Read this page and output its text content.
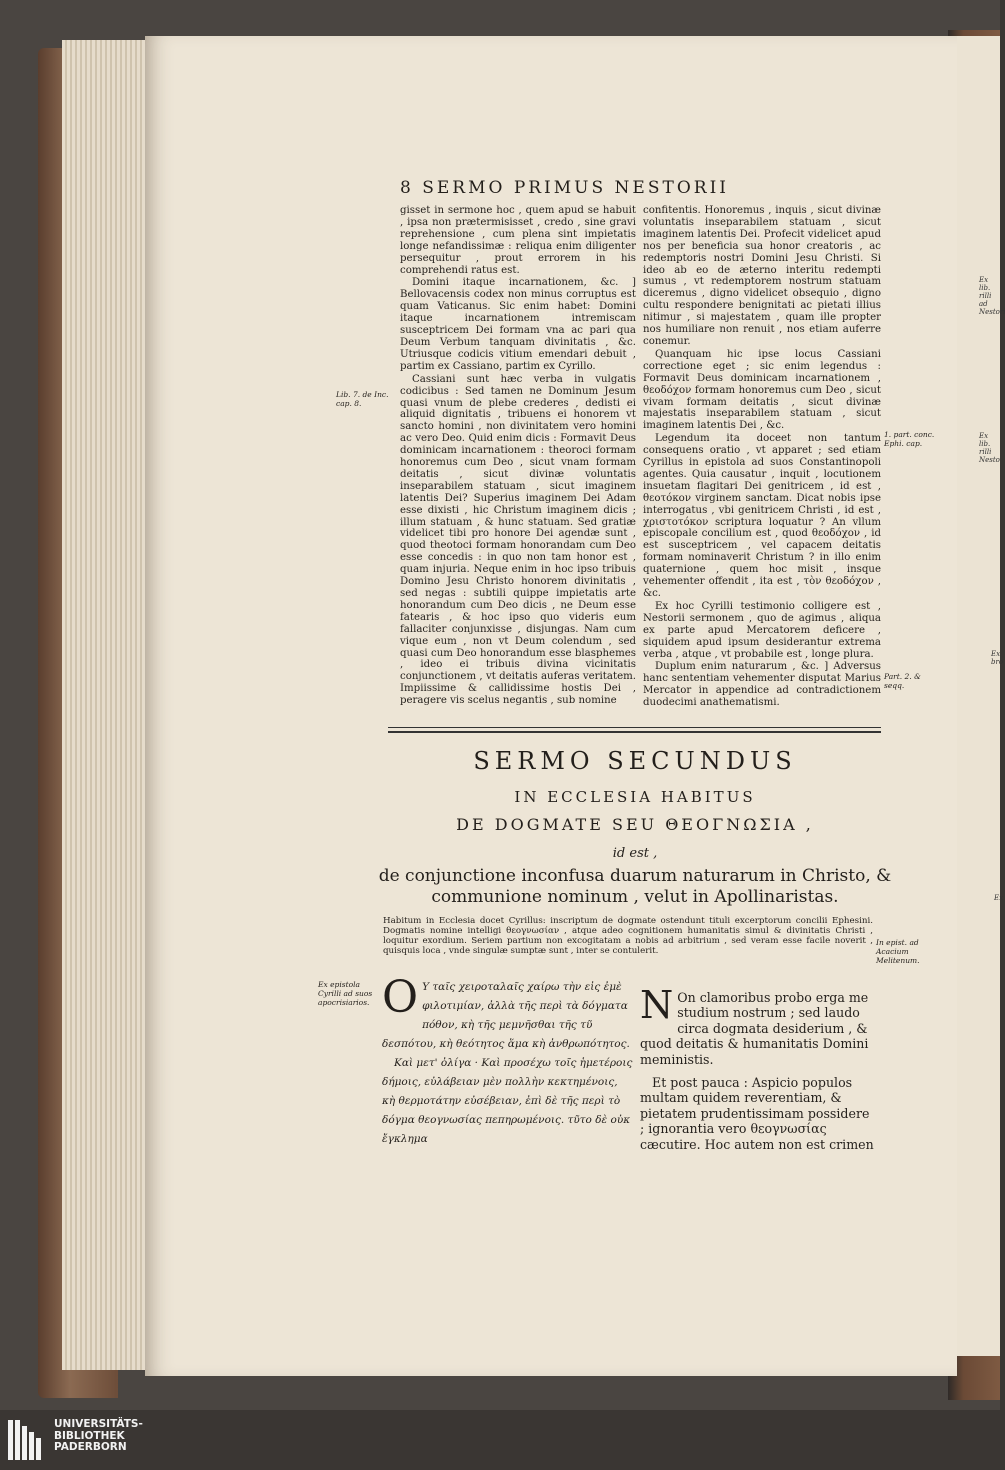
Ex lib. rilli ad Nestori
Ex lib. rilli Nesto
Ex bro
Ex
8 SERMO PRIMUS NESTORII

gisset in sermone hoc , quem apud se habuit , ipsa non prætermisisset , credo , sine gravi reprehensione , cum plena sint impietatis longe nefandissimæ : reliqua enim diligenter persequitur , prout errorem in his comprehendi ratus est.

Domini itaque incarnationem, &c. ] Bellovacensis codex non minus corruptus est quam Vaticanus. Sic enim habet: Domini itaque incarnationem intremiscam susceptricem Dei formam vna ac pari qua Deum Verbum tanquam divinitatis , &c. Utriusque codicis vitium emendari debuit , partim ex Cassiano, partim ex Cyrillo.

Cassiani sunt hæc verba in vulgatis codicibus : Sed tamen ne Dominum Jesum quasi vnum de plebe crederes , dedisti ei aliquid dignitatis , tribuens ei honorem vt sancto homini , non divinitatem vero homini ac vero Deo. Quid enim dicis : Formavit Deus dominicam incarnationem : theoroci formam honoremus cum Deo , sicut vnam formam deitatis , sicut divinæ voluntatis inseparabilem statuam , sicut imaginem latentis Dei? Superius imaginem Dei Adam esse dixisti , hic Christum imaginem dicis ; illum statuam , & hunc statuam. Sed gratiæ videlicet tibi pro honore Dei agendæ sunt , quod theotoci formam honorandam cum Deo esse concedis : in quo non tam honor est , quam injuria. Neque enim in hoc ipso tribuis Domino Jesu Christo honorem divinitatis , sed negas : subtili quippe impietatis arte honorandum cum Deo dicis , ne Deum esse fatearis , & hoc ipso quo videris eum fallaciter conjunxisse , disjungas. Nam cum vique eum , non vt Deum colendum , sed quasi cum Deo honorandum esse blasphemes , ideo ei tribuis divina vicinitatis conjunctionem , vt deitatis auferas veritatem. Impiissime & callidissime hostis Dei , peragere vis scelus negantis , sub nomine

confitentis. Honoremus , inquis , sicut divinæ voluntatis inseparabilem statuam , sicut imaginem latentis Dei. Profecit videlicet apud nos per beneficia sua honor creatoris , ac redemptoris nostri Domini Jesu Christi. Si ideo ab eo de æterno interitu redempti sumus , vt redemptorem nostrum statuam diceremus , digno videlicet obsequio , digno cultu respondere benignitati ac pietati illius nitimur , si majestatem , quam ille propter nos humiliare non renuit , nos etiam auferre conemur.

Quanquam hic ipse locus Cassiani correctione eget ; sic enim legendus : Formavit Deus dominicam incarnationem , θεοδόχον formam honoremus cum Deo , sicut vivam formam deitatis , sicut divinæ majestatis inseparabilem statuam , sicut imaginem latentis Dei , &c.

Legendum ita doceet non tantum consequens oratio , vt apparet ; sed etiam Cyrillus in epistola ad suos Constantinopoli agentes. Quia causatur , inquit , locutionem insuetam flagitari Dei genitricem , id est , θεοτόκον virginem sanctam. Dicat nobis ipse interrogatus , vbi genitricem Christi , id est , χριστοτόκον scriptura loquatur ? An vllum episcopale concilium est , quod θεοδόχον , id est susceptricem , vel capacem deitatis formam nominaverit Christum ? in illo enim quaternione , quem hoc misit , insque vehementer offendit , ita est , τὸν θεοδόχον , &c.

Ex hoc Cyrilli testimonio colligere est , Nestorii sermonem , quo de agimus , aliqua ex parte apud Mercatorem deficere , siquidem apud ipsum desiderantur extrema verba , atque , vt probabile est , longe plura.

Duplum enim naturarum , &c. ] Adversus hanc sententiam vehementer disputat Marius Mercator in appendice ad contradictionem duodecimi anathematismi.

Lib. 7. de Inc. cap. 8.
1. part. conc. Ephi. cap.
Part. 2. & seqq.
SERMO SECUNDUS
IN ECCLESIA HABITUS
DE DOGMATE SEU ΘΕΟΓΝΩΣΙΑ ,
id est ,
de conjunctione inconfusa duarum naturarum in Christo, & communione nominum , velut in Apollinaristas.
Habitum in Ecclesia docet Cyrillus: inscriptum de dogmate ostendunt tituli excerptorum concilii Ephesini. Dogmatis nomine intelligi θεογνωσίαν , atque adeo cognitionem humanitatis simul & divinitatis Christi , loquitur exordium. Seriem partium non excogitatam a nobis ad arbitrium , sed veram esse facile noverit , quisquis loca , vnde singulæ sumptæ sunt , inter se contulerit.
In epist. ad Acacium Melitenum.
Ex epistola Cyrilli ad suos apocrisiarios. O Υ ταῖς χειροταλαῖς χαίρω τὴν εἰς ἐμὲ φιλοτιμίαν, ἀλλὰ τῆς περὶ τὰ δόγματα πόθον, κὴ τῆς μεμνῆσθαι τῆς τῦ δεσπότου, κὴ θεότητος ἅμα κὴ ἀνθρωπότητος.
Καὶ μετ' ὀλίγα · Καὶ προσέχω τοῖς ἡμετέροις δήμοις, εὐλάβειαν μὲν πολλὴν κεκτημένοις, κὴ θερμοτάτην εὐσέβειαν, ἐπὶ δὲ τῆς περὶ τὸ δόγμα θεογνωσίας πεπηρωμένοις. τῦτο δὲ οὐκ ἔγκλημα

N On clamoribus probo erga me studium nostrum ; sed laudo circa dogmata desiderium , & quod deitatis & humanitatis Domini meministis.

Et post pauca : Aspicio populos multam quidem reverentiam, & pietatem prudentissimam possidere ; ignorantia vero θεογνωσίας cæcutire. Hoc autem non est crimen

UNIVERSITÄTS-
BIBLIOTHEK
PADERBORN
